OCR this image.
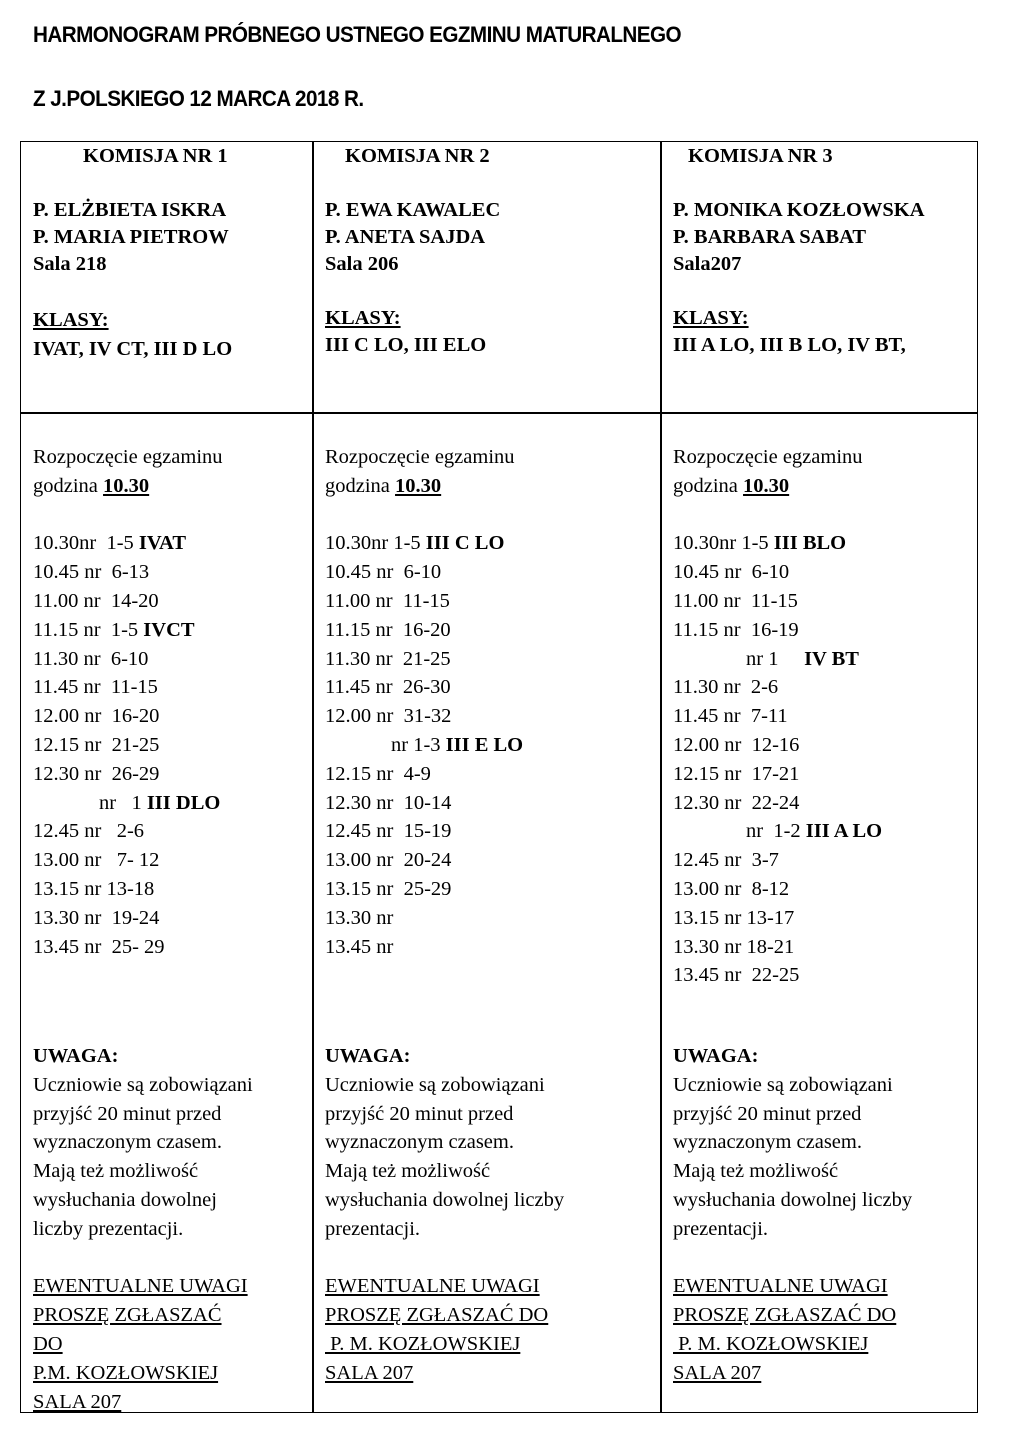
HARMONOGRAM PRÓBNEGO USTNEGO EGZMINU MATURALNEGO
Z J.POLSKIEGO 12 MARCA 2018 R.
KOMISJA NR 1
P. ELŻBIETA ISKRA
P. MARIA PIETROW
Sala 218
KLASY:
IVAT, IV CT, III D LO
Rozpoczęcie egzaminu
godzina 10.30
10.30nr  1-5 IVAT
10.45 nr  6-13
11.00 nr  14-20
11.15 nr  1-5 IVCT
11.30 nr  6-10
11.45 nr  11-15
12.00 nr  16-20
12.15 nr  21-25
12.30 nr  26-29
nr   1 III DLO
12.45 nr   2-6
13.00 nr   7- 12
13.15 nr 13-18
13.30 nr  19-24
13.45 nr  25- 29
UWAGA:
Uczniowie są zobowiązani
przyjść 20 minut przed
wyznaczonym czasem.
Mają też możliwość
wysłuchania dowolnej
liczby prezentacji.
EWENTUALNE UWAGI
PROSZĘ ZGŁASZAĆ
DO
P.M. KOZŁOWSKIEJ
SALA 207
KOMISJA NR 2
P. EWA KAWALEC
P. ANETA SAJDA
Sala 206
KLASY:
III C LO, III ELO
Rozpoczęcie egzaminu
godzina 10.30
10.30nr 1-5 III C LO
10.45 nr  6-10
11.00 nr  11-15
11.15 nr  16-20
11.30 nr  21-25
11.45 nr  26-30
12.00 nr  31-32
nr 1-3 III E LO
12.15 nr  4-9
12.30 nr  10-14
12.45 nr  15-19
13.00 nr  20-24
13.15 nr  25-29
13.30 nr
13.45 nr
UWAGA:
Uczniowie są zobowiązani
przyjść 20 minut przed
wyznaczonym czasem.
Mają też możliwość
wysłuchania dowolnej liczby
prezentacji.
EWENTUALNE UWAGI
PROSZĘ ZGŁASZAĆ DO
P. M. KOZŁOWSKIEJ
SALA 207
KOMISJA NR 3
P. MONIKA KOZŁOWSKA
P. BARBARA SABAT
Sala207
KLASY:
III A LO, III B LO, IV BT,
Rozpoczęcie egzaminu
godzina 10.30
10.30nr 1-5 III BLO
10.45 nr  6-10
11.00 nr  11-15
11.15 nr  16-19
nr 1     IV BT
11.30 nr  2-6
11.45 nr  7-11
12.00 nr  12-16
12.15 nr  17-21
12.30 nr  22-24
nr  1-2 III A LO
12.45 nr  3-7
13.00 nr  8-12
13.15 nr 13-17
13.30 nr 18-21
13.45 nr  22-25
UWAGA:
Uczniowie są zobowiązani
przyjść 20 minut przed
wyznaczonym czasem.
Mają też możliwość
wysłuchania dowolnej liczby
prezentacji.
EWENTUALNE UWAGI
PROSZĘ ZGŁASZAĆ DO
P. M. KOZŁOWSKIEJ
SALA 207
